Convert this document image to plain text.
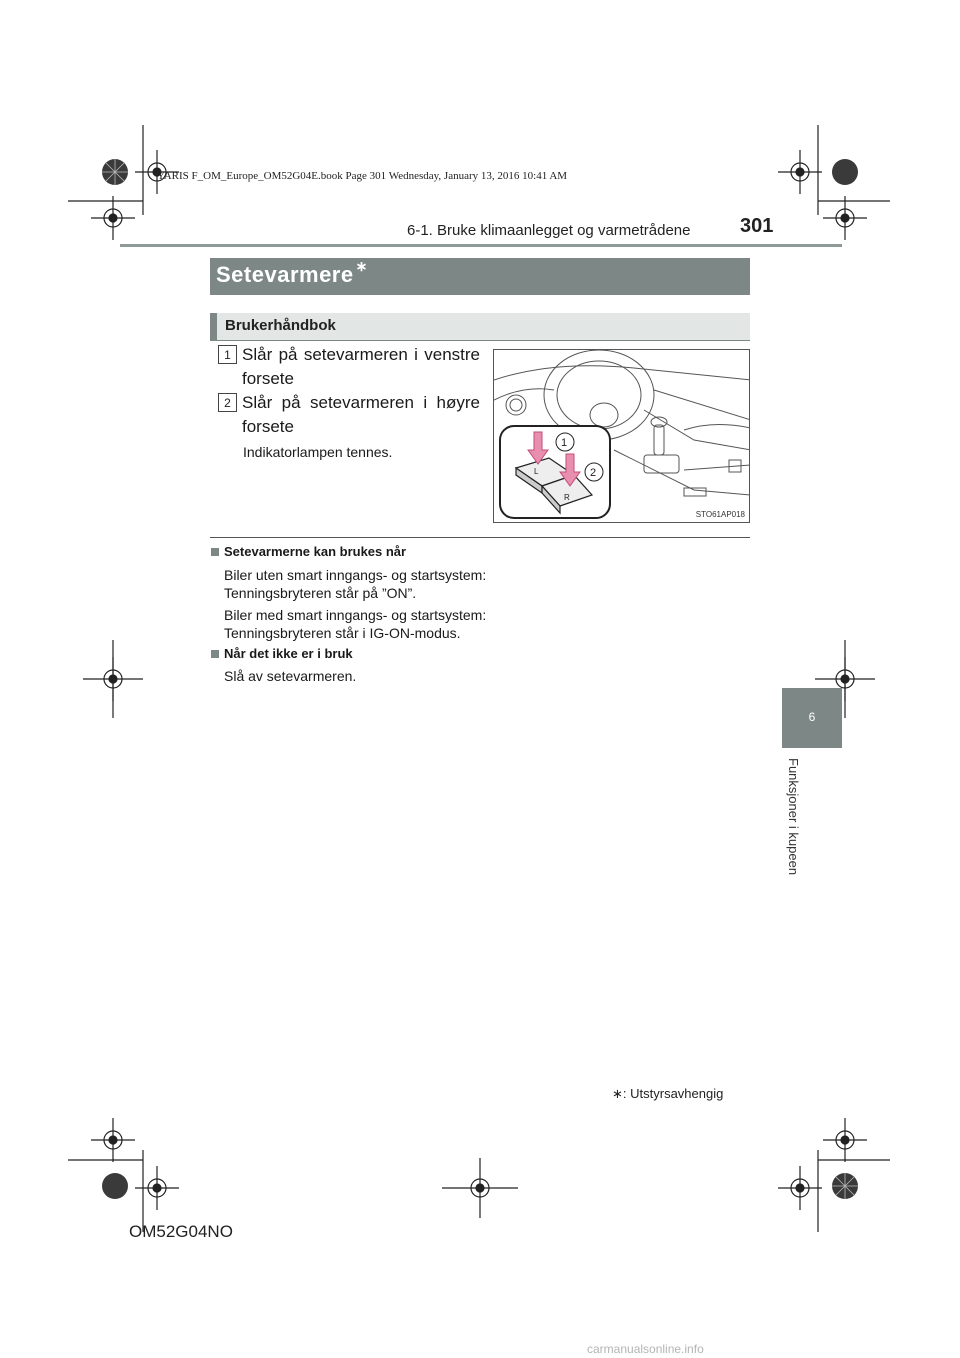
YARIS F_OM_Europe_OM52G04E.book Page 301 Wednesday, January 13, 2016 10:41 AM
6-1. Bruke klimaanlegget og varmetrådene 301
Setevarmere ∗
Brukerhåndbok
1 Slår på setevarmeren i venstre forsete
2 Slår på setevarmeren i høyre forsete
Indikatorlampen tennes.
L
R
1
2
STO61AP018
Setevarmerne kan brukes når
Biler uten smart inngangs- og startsystem:
Tenningsbryteren står på ”ON”.
Biler med smart inngangs- og startsystem:
Tenningsbryteren står i IG-ON-modus.
Når det ikke er i bruk
Slå av setevarmeren.
6
Funksjoner i kupeen
∗: Utstyrsavhengig
OM52G04NO
carmanualsonline.info
